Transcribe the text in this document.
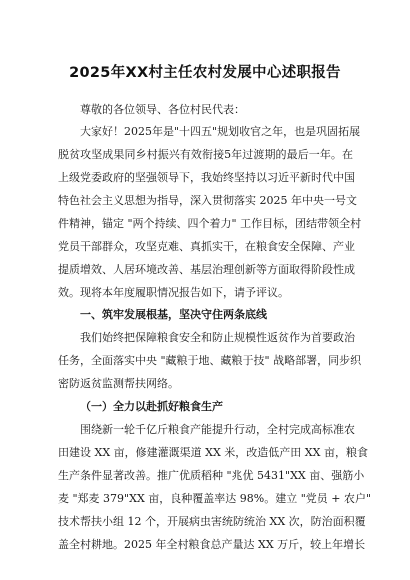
2025年XX村主任农村发展中心述职报告
尊敬的各位领导、各位村民代表：
大家好！2025年是"十四五"规划收官之年，也是巩固拓展
脱贫攻坚成果同乡村振兴有效衔接5年过渡期的最后一年。在
上级党委政府的坚强领导下，我始终坚持以习近平新时代中国
特色社会主义思想为指导，深入贯彻落实 2025 年中央一号文
件精神，锚定 "两个持续、四个着力" 工作目标，团结带领全村
党员干部群众，攻坚克难、真抓实干，在粮食安全保障、产业
提质增效、人居环境改善、基层治理创新等方面取得阶段性成
效。现将本年度履职情况报告如下，请予评议。
一、筑牢发展根基，坚决守住两条底线
我们始终把保障粮食安全和防止规模性返贫作为首要政治
任务，全面落实中央 "藏粮于地、藏粮于技" 战略部署，同步织
密防返贫监测帮扶网络。
（一）全力以赴抓好粮食生产
围绕新一轮千亿斤粮食产能提升行动，全村完成高标准农
田建设 XX 亩，修建灌溉渠道 XX 米，改造低产田 XX 亩，粮食
生产条件显著改善。推广优质稻种 "兆优 5431"XX 亩、强筋小
麦 "郑麦 379"XX 亩，良种覆盖率达 98%。建立 "党员 + 农户"
技术帮扶小组 12 个，开展病虫害统防统治 XX 次，防治面积覆
盖全村耕地。2025 年全村粮食总产量达 XX 万斤，较上年增长
